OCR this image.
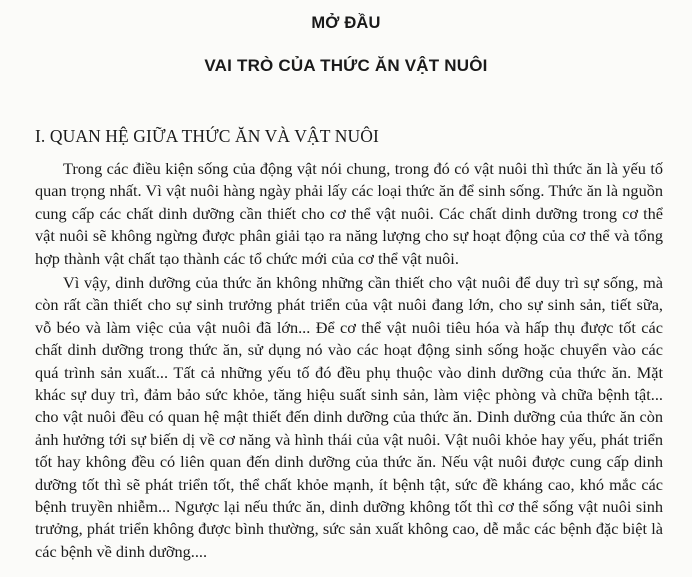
MỞ ĐẦU
VAI TRÒ CỦA THỨC ĂN VẬT NUÔI
I. QUAN HỆ GIỮA THỨC ĂN VÀ VẬT NUÔI

Trong các điều kiện sống của động vật nói chung, trong đó có vật nuôi thì thức ăn là yếu tố quan trọng nhất. Vì vật nuôi hàng ngày phải lấy các loại thức ăn để sinh sống. Thức ăn là nguồn cung cấp các chất dinh dưỡng cần thiết cho cơ thể vật nuôi. Các chất dinh dưỡng trong cơ thể vật nuôi sẽ không ngừng được phân giải tạo ra năng lượng cho sự hoạt động của cơ thể và tổng hợp thành vật chất tạo thành các tổ chức mới của cơ thể vật nuôi.

Vì vậy, dinh dưỡng của thức ăn không những cần thiết cho vật nuôi để duy trì sự sống, mà còn rất cần thiết cho sự sinh trưởng phát triển của vật nuôi đang lớn, cho sự sinh sản, tiết sữa, vỗ béo và làm việc của vật nuôi đã lớn... Để cơ thể vật nuôi tiêu hóa và hấp thụ được tốt các chất dinh dưỡng trong thức ăn, sử dụng nó vào các hoạt động sinh sống hoặc chuyển vào các quá trình sản xuất... Tất cả những yếu tố đó đều phụ thuộc vào dinh dưỡng của thức ăn. Mặt khác sự duy trì, đảm bảo sức khỏe, tăng hiệu suất sinh sản, làm việc phòng và chữa bệnh tật... cho vật nuôi đều có quan hệ mật thiết đến dinh dưỡng của thức ăn. Dinh dưỡng của thức ăn còn ảnh hưởng tới sự biến dị về cơ năng và hình thái của vật nuôi. Vật nuôi khỏe hay yếu, phát triển tốt hay không đều có liên quan đến dinh dưỡng của thức ăn. Nếu vật nuôi được cung cấp dinh dưỡng tốt thì sẽ phát triển tốt, thể chất khỏe mạnh, ít bệnh tật, sức đề kháng cao, khó mắc các bệnh truyền nhiễm... Ngược lại nếu thức ăn, dinh dưỡng không tốt thì cơ thể sống vật nuôi sinh trưởng, phát triển không được bình thường, sức sản xuất không cao, dễ mắc các bệnh đặc biệt là các bệnh về dinh dưỡng....
